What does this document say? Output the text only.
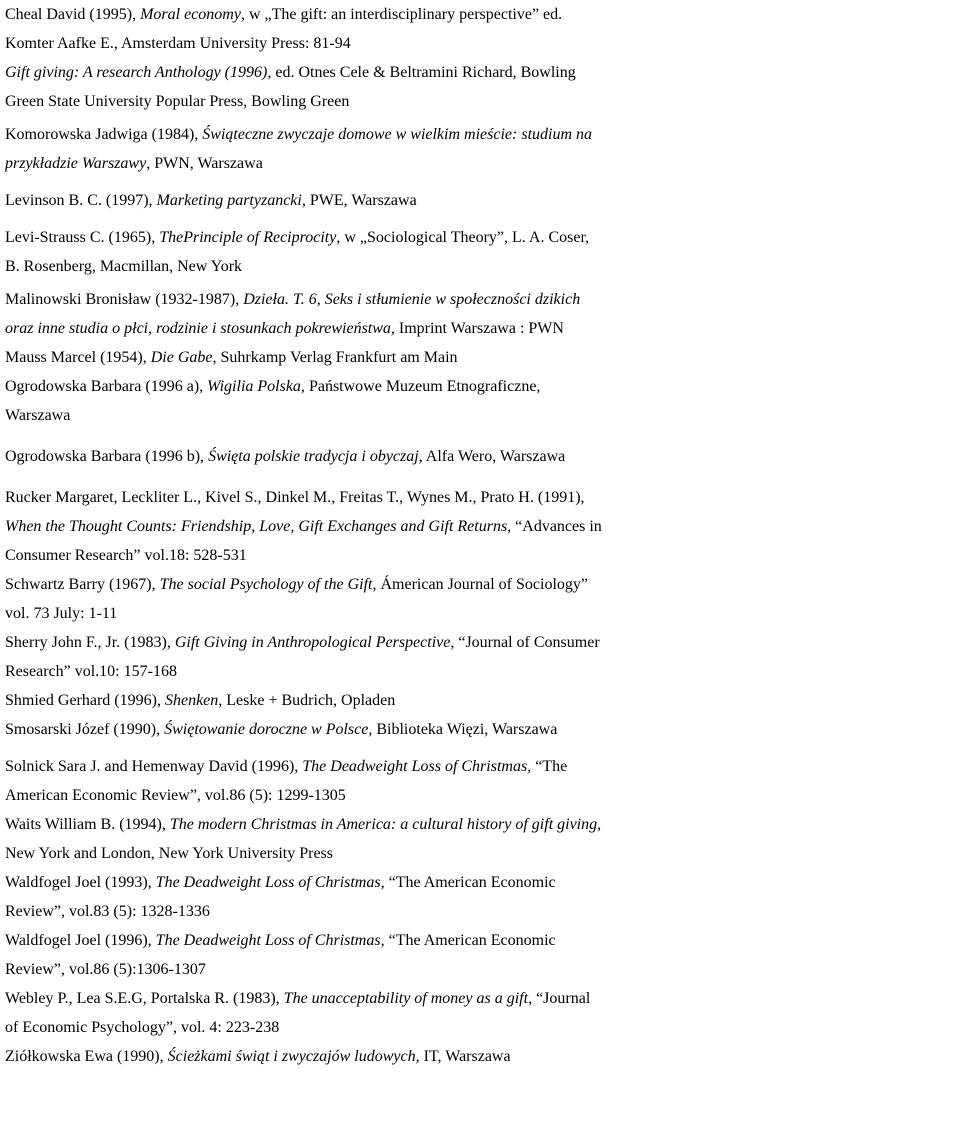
Cheal David (1995), Moral economy, w „The gift: an interdisciplinary perspective” ed.
Komter Aafke E., Amsterdam University Press: 81-94
Gift giving: A research Anthology (1996), ed. Otnes Cele & Beltramini Richard, Bowling
Green State University Popular Press, Bowling Green
Komorowska Jadwiga (1984), Świąteczne zwyczaje domowe w wielkim mieście: studium na
przykładzie Warszawy, PWN, Warszawa
Levinson B. C. (1997), Marketing partyzancki, PWE, Warszawa
Levi-Strauss C. (1965), ThePrinciple of Reciprocity, w „Sociological Theory”, L. A. Coser,
B. Rosenberg, Macmillan, New York
Malinowski Bronisław (1932-1987), Dzieła. T. 6, Seks i stłumienie w społeczności dzikich
oraz inne studia o płci, rodzinie i stosunkach pokrewieństwa, Imprint Warszawa : PWN
Mauss Marcel (1954), Die Gabe, Suhrkamp Verlag Frankfurt am Main
Ogrodowska Barbara (1996 a), Wigilia Polska, Państwowe Muzeum Etnograficzne,
Warszawa
Ogrodowska Barbara (1996 b), Święta polskie tradycja i obyczaj, Alfa Wero, Warszawa
Rucker Margaret, Leckliter L., Kivel S., Dinkel M., Freitas T., Wynes M., Prato H. (1991),
When the Thought Counts: Friendship, Love, Gift Exchanges and Gift Returns, “Advances in
Consumer Research” vol.18: 528-531
Schwartz Barry (1967), The social Psychology of the Gift, Ámerican Journal of Sociology”
vol. 73 July: 1-11
Sherry John F., Jr. (1983), Gift Giving in Anthropological Perspective, “Journal of Consumer
Research” vol.10: 157-168
Shmied Gerhard (1996), Shenken, Leske + Budrich, Opladen
Smosarski Józef (1990), Świętowanie doroczne w Polsce, Biblioteka Więzi, Warszawa
Solnick Sara J. and Hemenway David (1996), The Deadweight Loss of Christmas, “The
American Economic Review”, vol.86 (5): 1299-1305
Waits William B. (1994), The modern Christmas in America: a cultural history of gift giving,
New York and London, New York University Press
Waldfogel Joel (1993), The Deadweight Loss of Christmas, “The American Economic
Review”, vol.83 (5): 1328-1336
Waldfogel Joel (1996), The Deadweight Loss of Christmas, “The American Economic
Review”, vol.86 (5):1306-1307
Webley P., Lea S.E.G, Portalska R. (1983), The unacceptability of money as a gift, “Journal
of Economic Psychology”, vol. 4: 223-238
Ziółkowska Ewa (1990), Ścieżkami świąt i zwyczajów ludowych, IT, Warszawa
